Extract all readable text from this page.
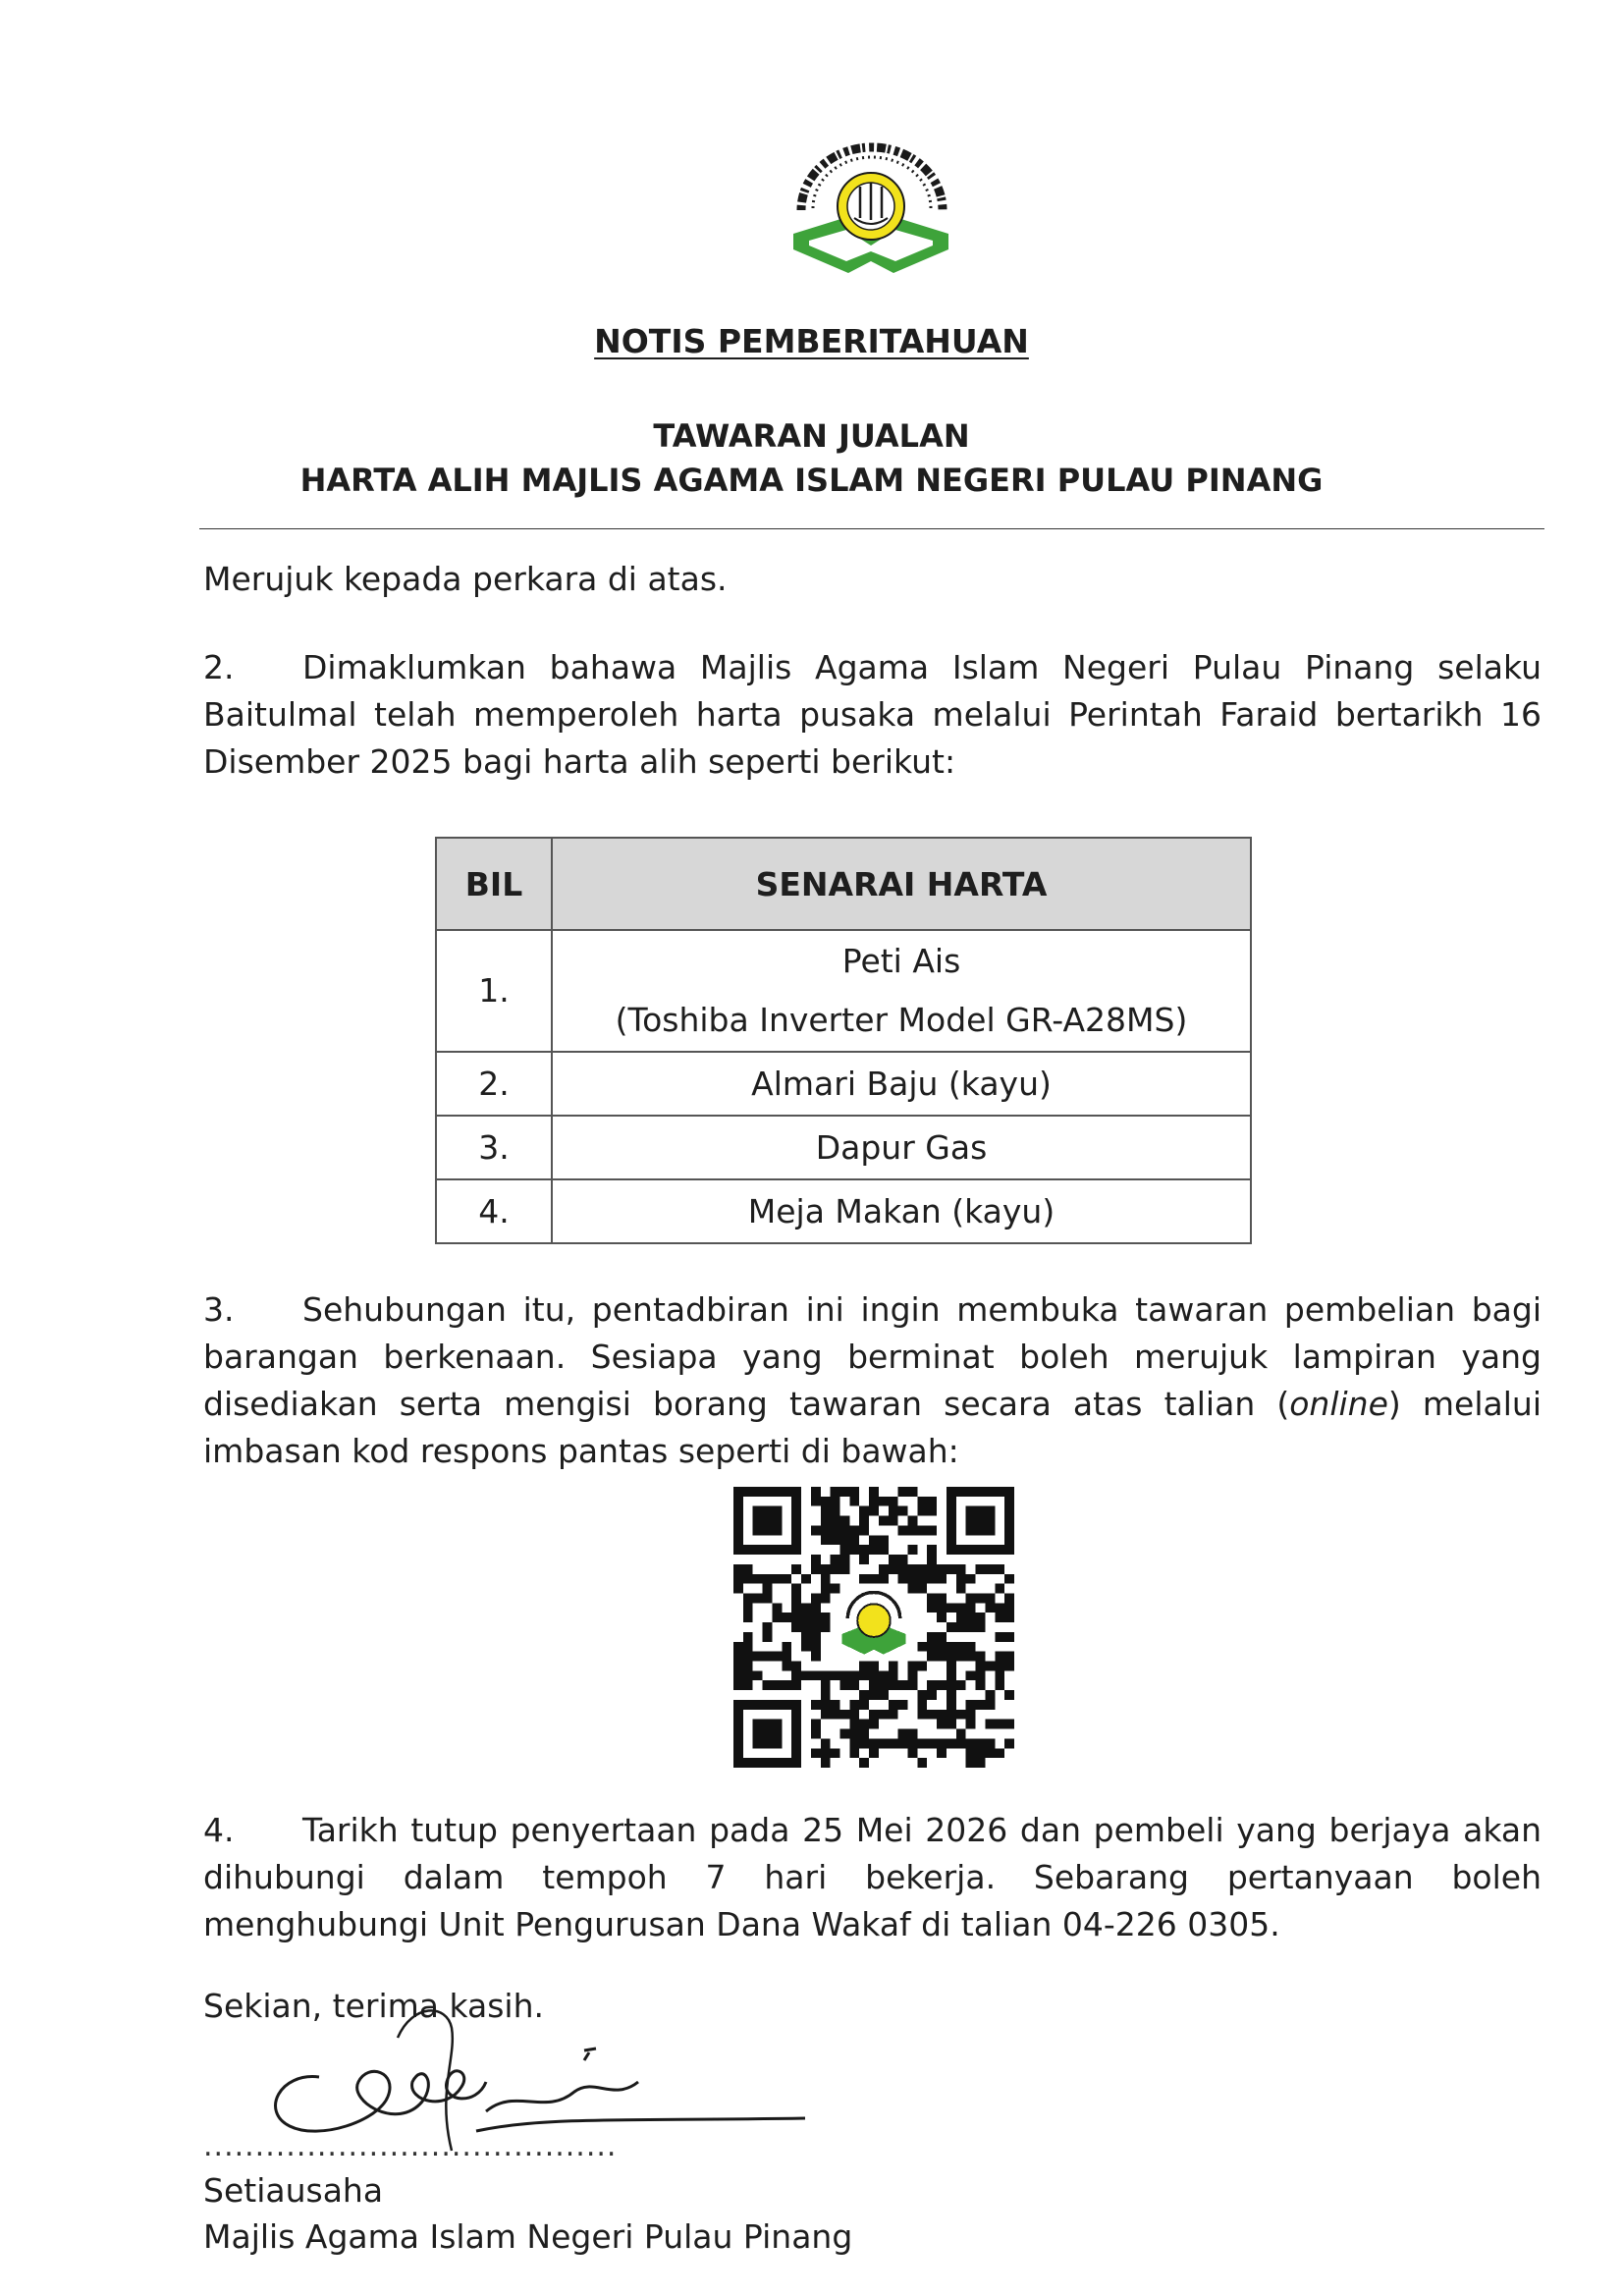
NOTIS PEMBERITAHUAN
TAWARAN JUALAN
HARTA ALIH MAJLIS AGAMA ISLAM NEGERI PULAU PINANG
Merujuk kepada perkara di atas.
2. Dimaklumkan bahawa Majlis Agama Islam Negeri Pulau Pinang selaku
Baitulmal telah memperoleh harta pusaka melalui Perintah Faraid bertarikh 16
Disember 2025 bagi harta alih seperti berikut:
BIL	SENARAI HARTA
1.	Peti Ais
(Toshiba Inverter Model GR-A28MS)

2.	Almari Baju (kayu)
3.	Dapur Gas
4.	Meja Makan (kayu)
3. Sehubungan itu, pentadbiran ini ingin membuka tawaran pembelian bagi
barangan berkenaan. Sesiapa yang berminat boleh merujuk lampiran yang
disediakan serta mengisi borang tawaran secara atas talian (online) melalui
imbasan kod respons pantas seperti di bawah:
4. Tarikh tutup penyertaan pada 25 Mei 2026 dan pembeli yang berjaya akan
dihubungi dalam tempoh 7 hari bekerja. Sebarang pertanyaan boleh
menghubungi Unit Pengurusan Dana Wakaf di talian 04-226 0305.
Sekian, terima kasih.
........................................
Setiausaha
Majlis Agama Islam Negeri Pulau Pinang
